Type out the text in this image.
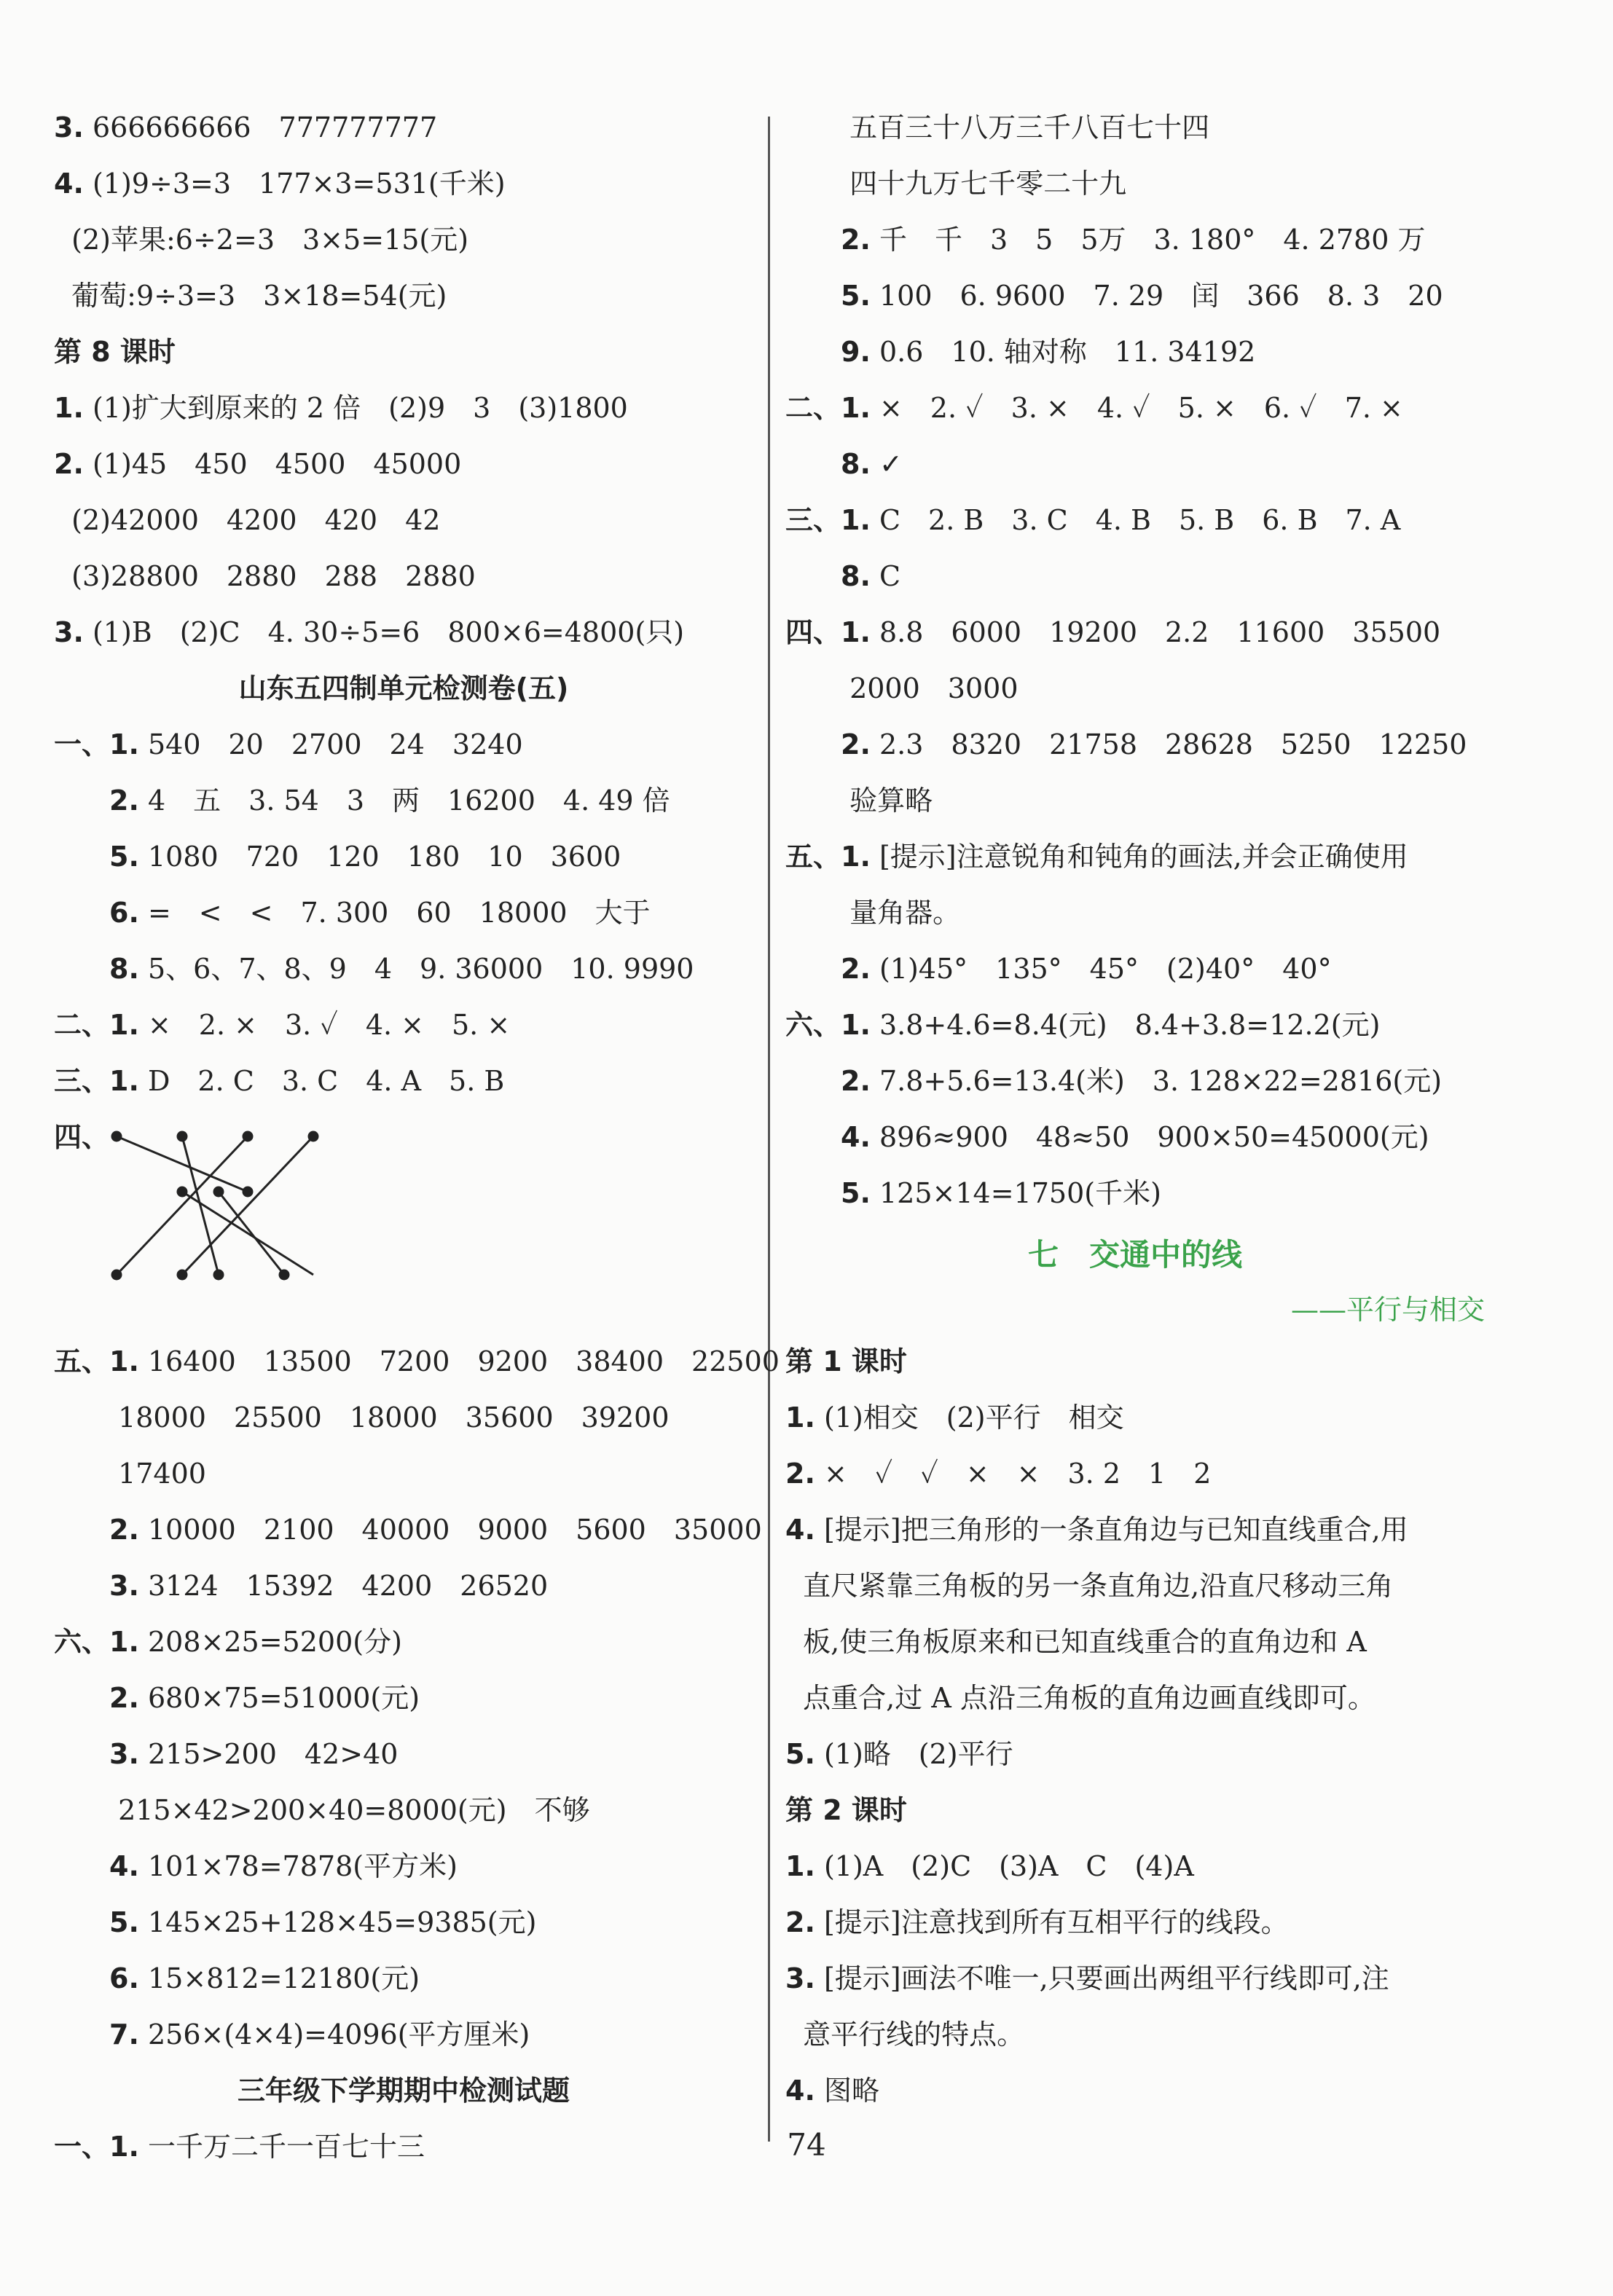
3. 666666666　777777777
4. (1)9÷3=3　177×3=531(千米)
(2)苹果:6÷2=3　3×5=15(元)
葡萄:9÷3=3　3×18=54(元)
第 8 课时
1. (1)扩大到原来的 2 倍　(2)9　3　(3)1800
2. (1)45　450　4500　45000
(2)42000　4200　420　42
(3)28800　2880　288　2880
3. (1)B　(2)C　4. 30÷5=6　800×6=4800(只)
山东五四制单元检测卷(五)
一、1. 540　20　2700　24　3240
　　2. 4　五　3. 54　3　两　16200　4. 49 倍
　　5. 1080　720　120　180　10　3600
　　6. =　<　<　7. 300　60　18000　大于
　　8. 5、6、7、8、9　4　9. 36000　10. 9990
二、1. ×　2. ×　3. ✓　4. ×　5. ×
三、1. D　2. C　3. C　4. A　5. B
四、
五、1. 16400　13500　7200　9200　38400　22500
　　 18000　25500　18000　35600　39200
　　 17400
　　2. 10000　2100　40000　9000　5600　35000
　　3. 3124　15392　4200　26520
六、1. 208×25=5200(分)
　　2. 680×75=51000(元)
　　3. 215>200　42>40
　　 215×42>200×40=8000(元)　不够
　　4. 101×78=7878(平方米)
　　5. 145×25+128×45=9385(元)
　　6. 15×812=12180(元)
　　7. 256×(4×4)=4096(平方厘米)
三年级下学期期中检测试题
一、1. 一千万二千一百七十三
　　 五百三十八万三千八百七十四
　　 四十九万七千零二十九
　　2. 千　千　3　5　5万　3. 180°　4. 2780 万
　　5. 100　6. 9600　7. 29　闰　366　8. 3　20
　　9. 0.6　10. 轴对称　11. 34192
二、1. ×　2. ✓　3. ×　4. ✓　5. ×　6. ✓　7. ×
　　8. ✓
三、1. C　2. B　3. C　4. B　5. B　6. B　7. A
　　8. C
四、1. 8.8　6000　19200　2.2　11600　35500
　　 2000　3000
　　2. 2.3　8320　21758　28628　5250　12250
　　 验算略
五、1. [提示]注意锐角和钝角的画法,并会正确使用
　　 量角器。
　　2. (1)45°　135°　45°　(2)40°　40°
六、1. 3.8+4.6=8.4(元)　8.4+3.8=12.2(元)
　　2. 7.8+5.6=13.4(米)　3. 128×22=2816(元)
　　4. 896≈900　48≈50　900×50=45000(元)
　　5. 125×14=1750(千米)
七　交通中的线
——平行与相交
第 1 课时
1. (1)相交　(2)平行　相交
2. ×　✓　✓　×　×　3. 2　1　2
4. [提示]把三角形的一条直角边与已知直线重合,用
直尺紧靠三角板的另一条直角边,沿直尺移动三角
板,使三角板原来和已知直线重合的直角边和 A
点重合,过 A 点沿三角板的直角边画直线即可。
5. (1)略　(2)平行
第 2 课时
1. (1)A　(2)C　(3)A　C　(4)A
2. [提示]注意找到所有互相平行的线段。
3. [提示]画法不唯一,只要画出两组平行线即可,注
意平行线的特点。
4. 图略
74
